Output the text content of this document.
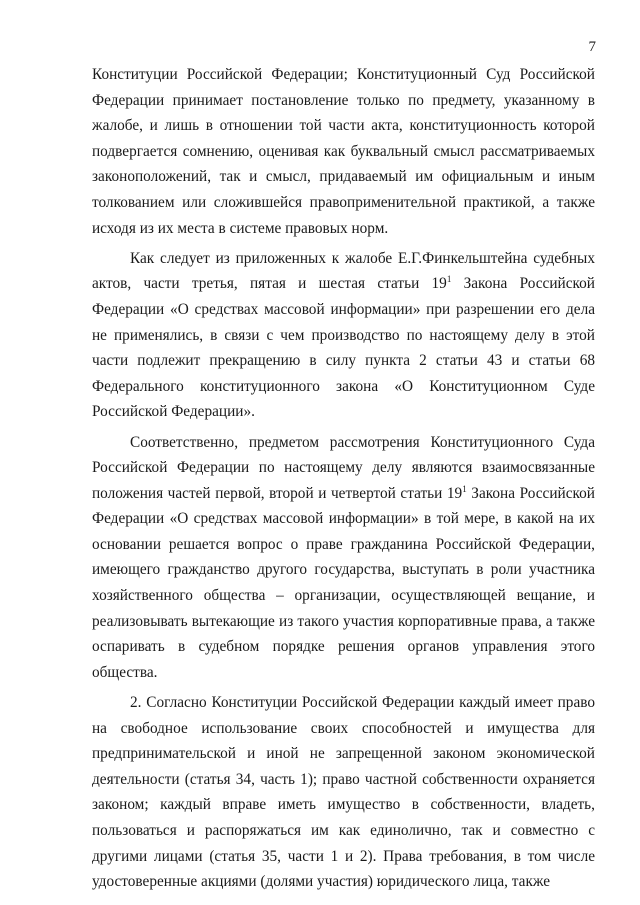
7

Конституции Российской Федерации; Конституционный Суд Российской Федерации принимает постановление только по предмету, указанному в жалобе, и лишь в отношении той части акта, конституционность которой подвергается сомнению, оценивая как буквальный смысл рассматриваемых законоположений, так и смысл, придаваемый им официальным и иным толкованием или сложившейся правоприменительной практикой, а также исходя из их места в системе правовых норм.

Как следует из приложенных к жалобе Е.Г.Финкельштейна судебных актов, части третья, пятая и шестая статьи $19^1$ Закона Российской Федерации «О средствах массовой информации» при разрешении его дела не применялись, в связи с чем производство по настоящему делу в этой части подлежит прекращению в силу пункта 2 статьи 43 и статьи 68 Федерального конституционного закона «О Конституционном Суде Российской Федерации».

Соответственно, предметом рассмотрения Конституционного Суда Российской Федерации по настоящему делу являются взаимосвязанные положения частей первой, второй и четвертой статьи $19^1$ Закона Российской Федерации «О средствах массовой информации» в той мере, в какой на их основании решается вопрос о праве гражданина Российской Федерации, имеющего гражданство другого государства, выступать в роли участника хозяйственного общества – организации, осуществляющей вещание, и реализовывать вытекающие из такого участия корпоративные права, а также оспаривать в судебном порядке решения органов управления этого общества.

2. Согласно Конституции Российской Федерации каждый имеет право на свободное использование своих способностей и имущества для предпринимательской и иной не запрещенной законом экономической деятельности (статья 34, часть 1); право частной собственности охраняется законом; каждый вправе иметь имущество в собственности, владеть, пользоваться и распоряжаться им как единолично, так и совместно с другими лицами (статья 35, части 1 и 2). Права требования, в том числе удостоверенные акциями (долями участия) юридического лица, также
